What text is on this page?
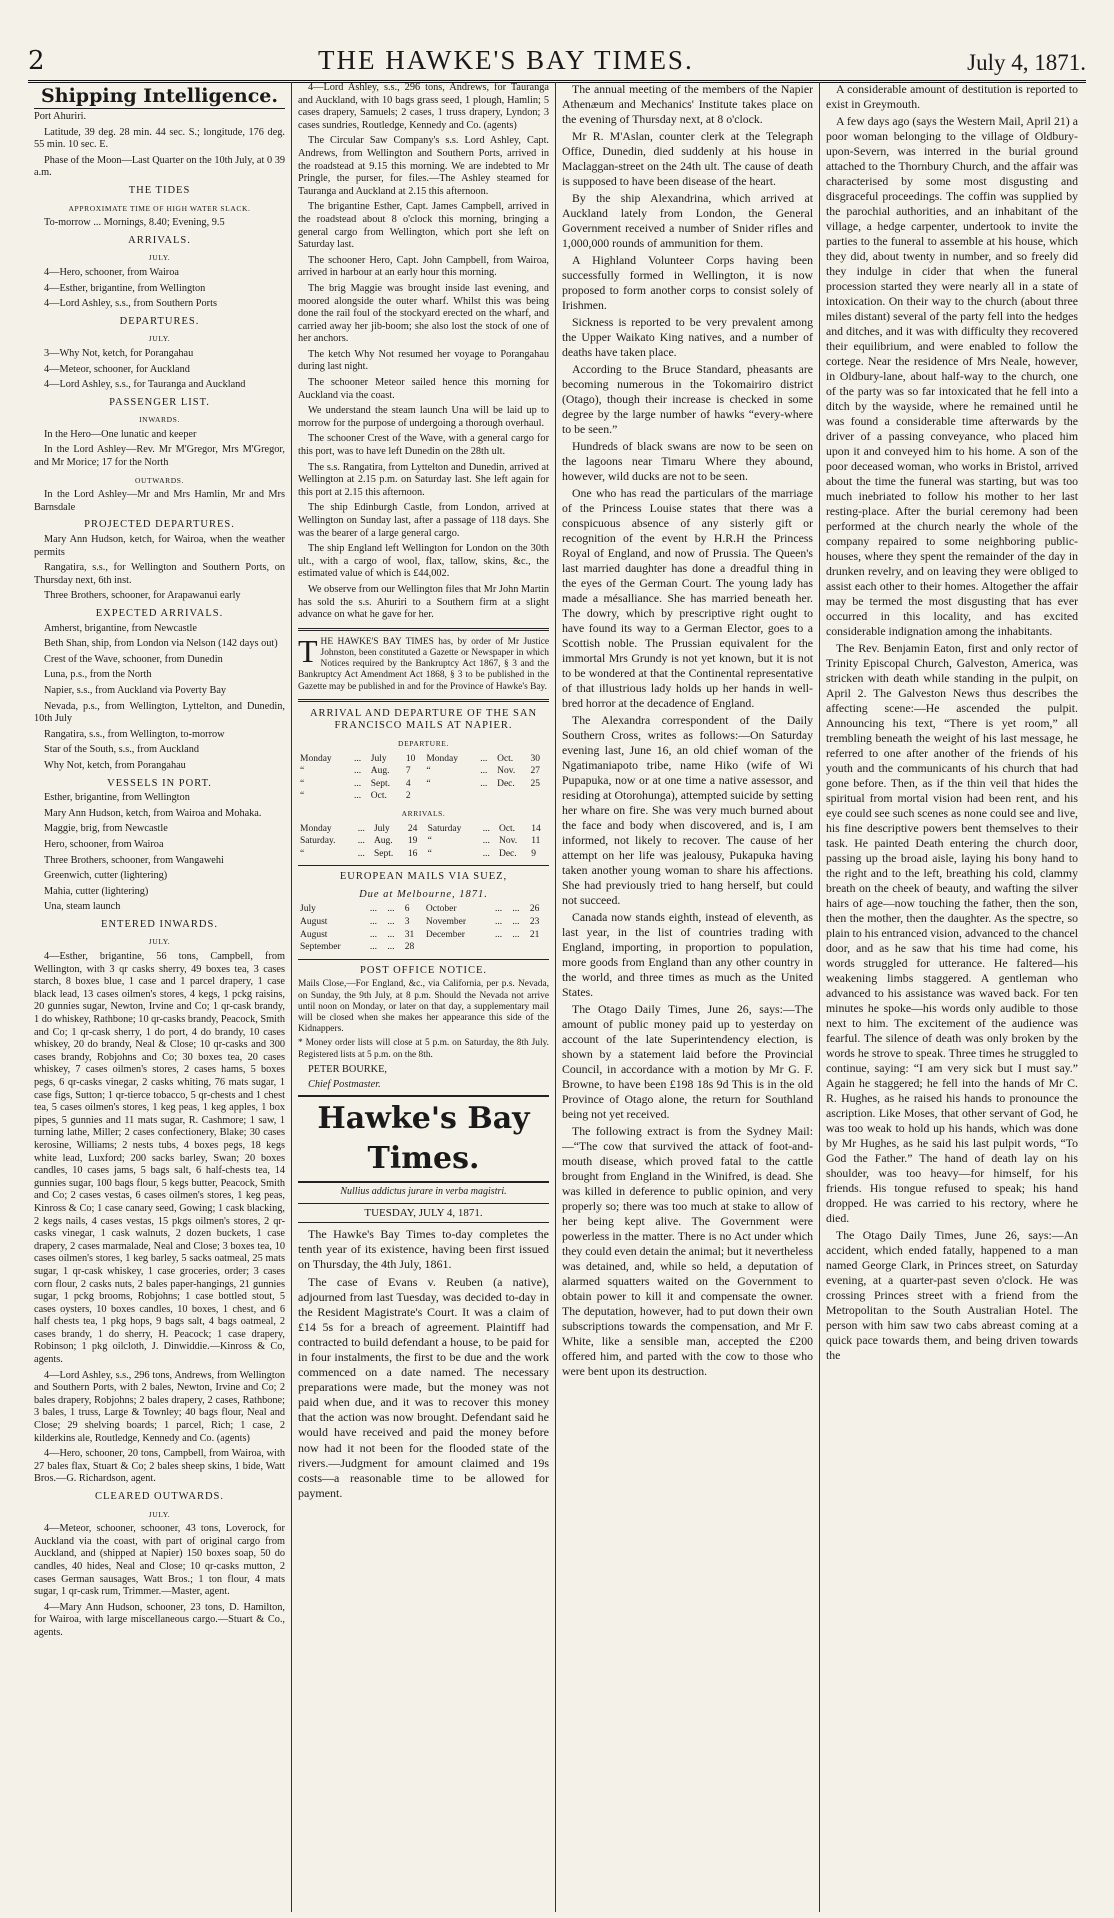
2	THE HAWKE'S BAY TIMES.	July 4, 1871.
Shipping Intelligence.

Port Ahuriri.

Latitude, 39 deg. 28 min. 44 sec. S.; longitude, 176 deg. 55 min. 10 sec. E.

Phase of the Moon—Last Quarter on the 10th July, at 0 39 a.m.

THE TIDES
APPROXIMATE TIME OF HIGH WATER SLACK.

To-morrow ... Mornings, 8.40; Evening, 9.5

ARRIVALS.
JULY.

4—Hero, schooner, from Wairoa

4—Esther, brigantine, from Wellington

4—Lord Ashley, s.s., from Southern Ports

DEPARTURES.
JULY.

3—Why Not, ketch, for Porangahau

4—Meteor, schooner, for Auckland

4—Lord Ashley, s.s., for Tauranga and Auckland

PASSENGER LIST.
INWARDS.

In the Hero—One lunatic and keeper

In the Lord Ashley—Rev. Mr M'Gregor, Mrs M'Gregor, and Mr Morice; 17 for the North

OUTWARDS.

In the Lord Ashley—Mr and Mrs Hamlin, Mr and Mrs Barnsdale

PROJECTED DEPARTURES.

Mary Ann Hudson, ketch, for Wairoa, when the weather permits

Rangatira, s.s., for Wellington and Southern Ports, on Thursday next, 6th inst.

Three Brothers, schooner, for Arapawanui early

EXPECTED ARRIVALS.

Amherst, brigantine, from Newcastle

Beth Shan, ship, from London via Nelson (142 days out)

Crest of the Wave, schooner, from Dunedin

Luna, p.s., from the North

Napier, s.s., from Auckland via Poverty Bay

Nevada, p.s., from Wellington, Lyttelton, and Dunedin, 10th July

Rangatira, s.s., from Wellington, to-morrow

Star of the South, s.s., from Auckland

Why Not, ketch, from Porangahau

VESSELS IN PORT.

Esther, brigantine, from Wellington

Mary Ann Hudson, ketch, from Wairoa and Mohaka.

Maggie, brig, from Newcastle

Hero, schooner, from Wairoa

Three Brothers, schooner, from Wangawehi

Greenwich, cutter (lightering)

Mahia, cutter (lightering)

Una, steam launch

ENTERED INWARDS.
JULY.

4—Esther, brigantine, 56 tons, Campbell, from Wellington, with 3 qr casks sherry, 49 boxes tea, 3 cases starch, 8 boxes blue, 1 case and 1 parcel drapery, 1 case black lead, 13 cases oilmen's stores, 4 kegs, 1 pckg raisins, 20 gunnies sugar, Newton, Irvine and Co; 1 qr-cask brandy, 1 do whiskey, Rathbone; 10 qr-casks brandy, Peacock, Smith and Co; 1 qr-cask sherry, 1 do port, 4 do brandy, 10 cases whiskey, 20 do brandy, Neal & Close; 10 qr-casks and 300 cases brandy, Robjohns and Co; 30 boxes tea, 20 cases whiskey, 7 cases oilmen's stores, 2 cases hams, 5 boxes pegs, 6 qr-casks vinegar, 2 casks whiting, 76 mats sugar, 1 case figs, Sutton; 1 qr-tierce tobacco, 5 qr-chests and 1 chest tea, 5 cases oilmen's stores, 1 keg peas, 1 keg apples, 1 box pipes, 5 gunnies and 11 mats sugar, R. Cashmore; 1 saw, 1 turning lathe, Miller; 2 cases confectionery, Blake; 30 cases kerosine, Williams; 2 nests tubs, 4 boxes pegs, 18 kegs white lead, Luxford; 200 sacks barley, Swan; 20 boxes candles, 10 cases jams, 5 bags salt, 6 half-chests tea, 14 gunnies sugar, 100 bags flour, 5 kegs butter, Peacock, Smith and Co; 2 cases vestas, 6 cases oilmen's stores, 1 keg peas, Kinross & Co; 1 case canary seed, Gowing; 1 cask blacking, 2 kegs nails, 4 cases vestas, 15 pkgs oilmen's stores, 2 qr-casks vinegar, 1 cask walnuts, 2 dozen buckets, 1 case drapery, 2 cases marmalade, Neal and Close; 3 boxes tea, 10 cases oilmen's stores, 1 keg barley, 5 sacks oatmeal, 25 mats sugar, 1 qr-cask whiskey, 1 case groceries, order; 3 cases corn flour, 2 casks nuts, 2 bales paper-hangings, 21 gunnies sugar, 1 pckg brooms, Robjohns; 1 case bottled stout, 5 cases oysters, 10 boxes candles, 10 boxes, 1 chest, and 6 half chests tea, 1 pkg hops, 9 bags salt, 4 bags oatmeal, 2 cases brandy, 1 do sherry, H. Peacock; 1 case drapery, Robinson; 1 pkg oilcloth, J. Dinwiddie.—Kinross & Co, agents.

4—Lord Ashley, s.s., 296 tons, Andrews, from Wellington and Southern Ports, with 2 bales, Newton, Irvine and Co; 2 bales drapery, Robjohns; 2 bales drapery, 2 cases, Rathbone; 3 bales, 1 truss, Large & Townley; 40 bags flour, Neal and Close; 29 shelving boards; 1 parcel, Rich; 1 case, 2 kilderkins ale, Routledge, Kennedy and Co. (agents)

4—Hero, schooner, 20 tons, Campbell, from Wairoa, with 27 bales flax, Stuart & Co; 2 bales sheep skins, 1 bide, Watt Bros.—G. Richardson, agent.

CLEARED OUTWARDS.
JULY.

4—Meteor, schooner, schooner, 43 tons, Loverock, for Auckland via the coast, with part of original cargo from Auckland, and (shipped at Napier) 150 boxes soap, 50 do candles, 40 hides, Neal and Close; 10 qr-casks mutton, 2 cases German sausages, Watt Bros.; 1 ton flour, 4 mats sugar, 1 qr-cask rum, Trimmer.—Master, agent.

4—Mary Ann Hudson, schooner, 23 tons, D. Hamilton, for Wairoa, with large miscellaneous cargo.—Stuart & Co., agents.

4—Lord Ashley, s.s., 296 tons, Andrews, for Tauranga and Auckland, with 10 bags grass seed, 1 plough, Hamlin; 5 cases drapery, Samuels; 2 cases, 1 truss drapery, Lyndon; 3 cases sundries, Routledge, Kennedy and Co. (agents)

The Circular Saw Company's s.s. Lord Ashley, Capt. Andrews, from Wellington and Southern Ports, arrived in the roadstead at 9.15 this morning. We are indebted to Mr Pringle, the purser, for files.—The Ashley steamed for Tauranga and Auckland at 2.15 this afternoon.

The brigantine Esther, Capt. James Campbell, arrived in the roadstead about 8 o'clock this morning, bringing a general cargo from Wellington, which port she left on Saturday last.

The schooner Hero, Capt. John Campbell, from Wairoa, arrived in harbour at an early hour this morning.

The brig Maggie was brought inside last evening, and moored alongside the outer wharf. Whilst this was being done the rail foul of the stockyard erected on the wharf, and carried away her jib-boom; she also lost the stock of one of her anchors.

The ketch Why Not resumed her voyage to Porangahau during last night.

The schooner Meteor sailed hence this morning for Auckland via the coast.

We understand the steam launch Una will be laid up to morrow for the purpose of undergoing a thorough overhaul.

The schooner Crest of the Wave, with a general cargo for this port, was to have left Dunedin on the 28th ult.

The s.s. Rangatira, from Lyttelton and Dunedin, arrived at Wellington at 2.15 p.m. on Saturday last. She left again for this port at 2.15 this afternoon.

The ship Edinburgh Castle, from London, arrived at Wellington on Sunday last, after a passage of 118 days. She was the bearer of a large general cargo.

The ship England left Wellington for London on the 30th ult., with a cargo of wool, flax, tallow, skins, &c., the estimated value of which is £44,002.

We observe from our Wellington files that Mr John Martin has sold the s.s. Ahuriri to a Southern firm at a slight advance on what he gave for her.

THE HAWKE'S BAY TIMES has, by order of Mr Justice Johnston, been constituted a Gazette or Newspaper in which Notices required by the Bankruptcy Act 1867, § 3 and the Bankruptcy Act Amendment Act 1868, § 3 to be published in the Gazette may be published in and for the Province of Hawke's Bay.

ARRIVAL AND DEPARTURE OF THE SAN FRANCISCO MAILS AT NAPIER.
DEPARTURE.
Monday	...	July	10	Monday	...	Oct.	30
“	...	Aug.	7	“	...	Nov.	27
“	...	Sept.	4	“	...	Dec.	25
“	...	Oct.	2				
ARRIVALS.
Monday	...	July	24	Saturday	...	Oct.	14
Saturday.	...	Aug.	19	“	...	Nov.	11
“	...	Sept.	16	“	...	Dec.	9
EUROPEAN MAILS VIA SUEZ,
Due at Melbourne, 1871.
July	...	...	6	October	...	...	26
August	...	...	3	November	...	...	23
August	...	...	31	December	...	...	21
September	...	...	28				
POST OFFICE NOTICE.

Mails Close,—For England, &c., via California, per p.s. Nevada, on Sunday, the 9th July, at 8 p.m. Should the Nevada not arrive until noon on Monday, or later on that day, a supplementary mail will be closed when she makes her appearance this side of the Kidnappers.

* Money order lists will close at 5 p.m. on Saturday, the 8th July. Registered lists at 5 p.m. on the 8th.

PETER BOURKE,

Chief Postmaster.

Hawke's Bay Times.
Nullius addictus jurare in verba magistri.
TUESDAY, JULY 4, 1871.

The Hawke's Bay Times to-day completes the tenth year of its existence, having been first issued on Thursday, the 4th July, 1861.

The case of Evans v. Reuben (a native), adjourned from last Tuesday, was decided to-day in the Resident Magistrate's Court. It was a claim of £14 5s for a breach of agreement. Plaintiff had contracted to build defendant a house, to be paid for in four instalments, the first to be due and the work commenced on a date named. The necessary preparations were made, but the money was not paid when due, and it was to recover this money that the action was now brought. Defendant said he would have received and paid the money before now had it not been for the flooded state of the rivers.—Judgment for amount claimed and 19s costs—a reasonable time to be allowed for payment.

The annual meeting of the members of the Napier Athenæum and Mechanics' Institute takes place on the evening of Thursday next, at 8 o'clock.

Mr R. M'Aslan, counter clerk at the Telegraph Office, Dunedin, died suddenly at his house in Maclaggan-street on the 24th ult. The cause of death is supposed to have been disease of the heart.

By the ship Alexandrina, which arrived at Auckland lately from London, the General Government received a number of Snider rifles and 1,000,000 rounds of ammunition for them.

A Highland Volunteer Corps having been successfully formed in Wellington, it is now proposed to form another corps to consist solely of Irishmen.

Sickness is reported to be very prevalent among the Upper Waikato King natives, and a number of deaths have taken place.

According to the Bruce Standard, pheasants are becoming numerous in the Tokomairiro district (Otago), though their increase is checked in some degree by the large number of hawks “every-where to be seen.”

Hundreds of black swans are now to be seen on the lagoons near Timaru Where they abound, however, wild ducks are not to be seen.

One who has read the particulars of the marriage of the Princess Louise states that there was a conspicuous absence of any sisterly gift or recognition of the event by H.R.H the Princess Royal of England, and now of Prussia. The Queen's last married daughter has done a dreadful thing in the eyes of the German Court. The young lady has made a mésalliance. She has married beneath her. The dowry, which by prescriptive right ought to have found its way to a German Elector, goes to a Scottish noble. The Prussian equivalent for the immortal Mrs Grundy is not yet known, but it is not to be wondered at that the Continental representative of that illustrious lady holds up her hands in well-bred horror at the decadence of England.

The Alexandra correspondent of the Daily Southern Cross, writes as follows:—On Saturday evening last, June 16, an old chief woman of the Ngatimaniapoto tribe, name Hiko (wife of Wi Pupapuka, now or at one time a native assessor, and residing at Otorohunga), attempted suicide by setting her whare on fire. She was very much burned about the face and body when discovered, and is, I am informed, not likely to recover. The cause of her attempt on her life was jealousy, Pukapuka having taken another young woman to share his affections. She had previously tried to hang herself, but could not succeed.

Canada now stands eighth, instead of eleventh, as last year, in the list of countries trading with England, importing, in proportion to population, more goods from England than any other country in the world, and three times as much as the United States.

The Otago Daily Times, June 26, says:—The amount of public money paid up to yesterday on account of the late Superintendency election, is shown by a statement laid before the Provincial Council, in accordance with a motion by Mr G. F. Browne, to have been £198 18s 9d This is in the old Province of Otago alone, the return for Southland being not yet received.

The following extract is from the Sydney Mail:—“The cow that survived the attack of foot-and-mouth disease, which proved fatal to the cattle brought from England in the Winifred, is dead. She was killed in deference to public opinion, and very properly so; there was too much at stake to allow of her being kept alive. The Government were powerless in the matter. There is no Act under which they could even detain the animal; but it nevertheless was detained, and, while so held, a deputation of alarmed squatters waited on the Government to obtain power to kill it and compensate the owner. The deputation, however, had to put down their own subscriptions towards the compensation, and Mr F. White, like a sensible man, accepted the £200 offered him, and parted with the cow to those who were bent upon its destruction.

A considerable amount of destitution is reported to exist in Greymouth.

A few days ago (says the Western Mail, April 21) a poor woman belonging to the village of Oldbury-upon-Severn, was interred in the burial ground attached to the Thornbury Church, and the affair was characterised by some most disgusting and disgraceful proceedings. The coffin was supplied by the parochial authorities, and an inhabitant of the village, a hedge carpenter, undertook to invite the parties to the funeral to assemble at his house, which they did, about twenty in number, and so freely did they indulge in cider that when the funeral procession started they were nearly all in a state of intoxication. On their way to the church (about three miles distant) several of the party fell into the hedges and ditches, and it was with difficulty they recovered their equilibrium, and were enabled to follow the cortege. Near the residence of Mrs Neale, however, in Oldbury-lane, about half-way to the church, one of the party was so far intoxicated that he fell into a ditch by the wayside, where he remained until he was found a considerable time afterwards by the driver of a passing conveyance, who placed him upon it and conveyed him to his home. A son of the poor deceased woman, who works in Bristol, arrived about the time the funeral was starting, but was too much inebriated to follow his mother to her last resting-place. After the burial ceremony had been performed at the church nearly the whole of the company repaired to some neighboring public-houses, where they spent the remainder of the day in drunken revelry, and on leaving they were obliged to assist each other to their homes. Altogether the affair may be termed the most disgusting that has ever occurred in this locality, and has excited considerable indignation among the inhabitants.

The Rev. Benjamin Eaton, first and only rector of Trinity Episcopal Church, Galveston, America, was stricken with death while standing in the pulpit, on April 2. The Galveston News thus describes the affecting scene:—He ascended the pulpit. Announcing his text, “There is yet room,” all trembling beneath the weight of his last message, he referred to one after another of the friends of his youth and the communicants of his church that had gone before. Then, as if the thin veil that hides the spiritual from mortal vision had been rent, and his eye could see such scenes as none could see and live, his fine descriptive powers bent themselves to their task. He painted Death entering the church door, passing up the broad aisle, laying his bony hand to the right and to the left, breathing his cold, clammy breath on the cheek of beauty, and wafting the silver hairs of age—now touching the father, then the son, then the mother, then the daughter. As the spectre, so plain to his entranced vision, advanced to the chancel door, and as he saw that his time had come, his words struggled for utterance. He faltered—his weakening limbs staggered. A gentleman who advanced to his assistance was waved back. For ten minutes he spoke—his words only audible to those next to him. The excitement of the audience was fearful. The silence of death was only broken by the words he strove to speak. Three times he struggled to continue, saying: “I am very sick but I must say.” Again he staggered; he fell into the hands of Mr C. R. Hughes, as he raised his hands to pronounce the ascription. Like Moses, that other servant of God, he was too weak to hold up his hands, which was done by Mr Hughes, as he said his last pulpit words, “To God the Father.” The hand of death lay on his shoulder, was too heavy—for himself, for his friends. His tongue refused to speak; his hand dropped. He was carried to his rectory, where he died.

The Otago Daily Times, June 26, says:—An accident, which ended fatally, happened to a man named George Clark, in Princes street, on Saturday evening, at a quarter-past seven o'clock. He was crossing Princes street with a friend from the Metropolitan to the South Australian Hotel. The person with him saw two cabs abreast coming at a quick pace towards them, and being driven towards the
